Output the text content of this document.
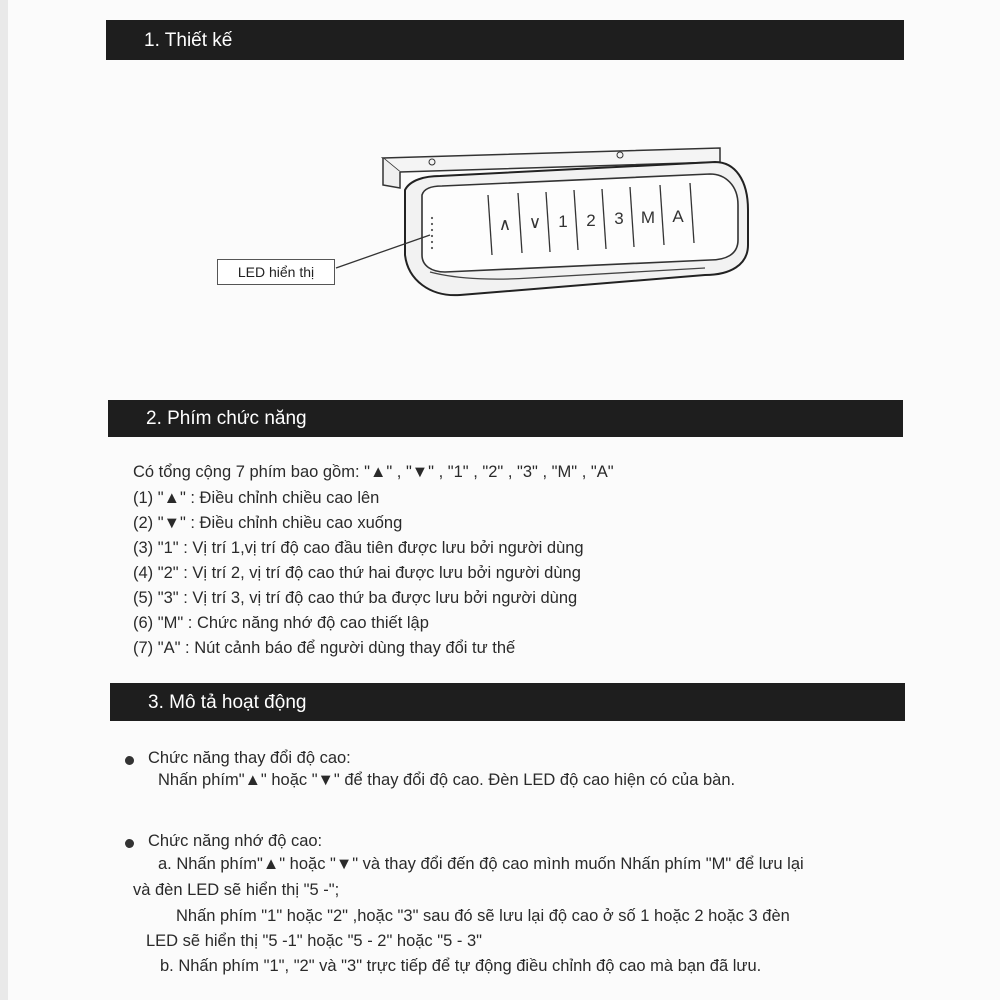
1. Thiết kế
∧ ∨ 1 2 3 M A
LED hiển thị
2. Phím chức năng
Có tổng cộng 7 phím bao gồm: "▲" , "▼" , "1" , "2" , "3" , "M" , "A"
(1) "▲" : Điều chỉnh chiều cao lên
(2) "▼" : Điều chỉnh chiều cao xuống
(3) "1" : Vị trí 1,vị trí độ cao đầu tiên được lưu bởi người dùng
(4) "2" : Vị trí 2, vị trí độ cao thứ hai được lưu bởi người dùng
(5) "3" : Vị trí 3, vị trí độ cao thứ ba được lưu bởi người dùng
(6) "M" : Chức năng nhớ độ cao thiết lập
(7) "A" : Nút cảnh báo để người dùng thay đổi tư thế
3. Mô tả hoạt động
Chức năng thay đổi độ cao:
Nhấn phím"▲" hoặc "▼" để thay đổi độ cao. Đèn LED độ cao hiện có của bàn.
Chức năng nhớ độ cao:
a. Nhấn phím"▲" hoặc "▼" và thay đổi đến độ cao mình muốn Nhấn phím "M" để lưu lại
và đèn LED sẽ hiển thị "5 -";
Nhấn phím "1" hoặc "2" ,hoặc "3" sau đó sẽ lưu lại độ cao ở số 1 hoặc 2 hoặc 3 đèn
LED sẽ hiển thị "5 -1" hoặc "5 - 2" hoặc "5 - 3"
b. Nhấn phím "1", "2" và "3" trực tiếp để tự động điều chỉnh độ cao mà bạn đã lưu.
